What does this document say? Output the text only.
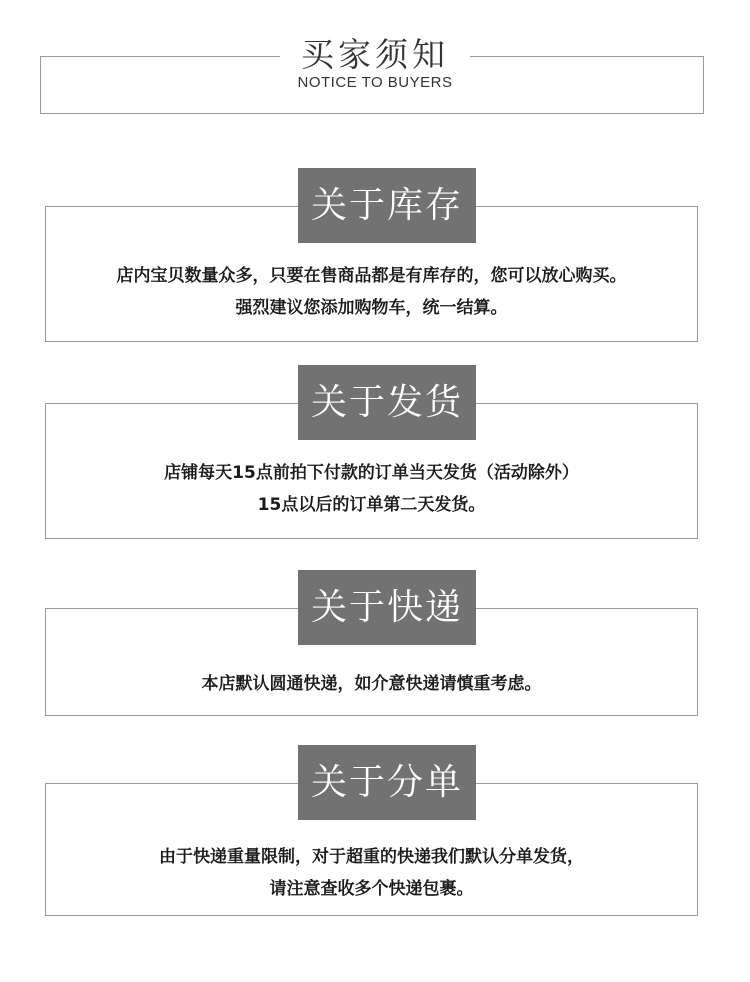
买家须知
NOTICE TO BUYERS
关于库存

店内宝贝数量众多，只要在售商品都是有库存的，您可以放心购买。

强烈建议您添加购物车，统一结算。

关于发货

店铺每天15点前拍下付款的订单当天发货（活动除外）

15点以后的订单第二天发货。

关于快递

本店默认圆通快递，如介意快递请慎重考虑。

关于分单

由于快递重量限制，对于超重的快递我们默认分单发货，

请注意查收多个快递包裹。
